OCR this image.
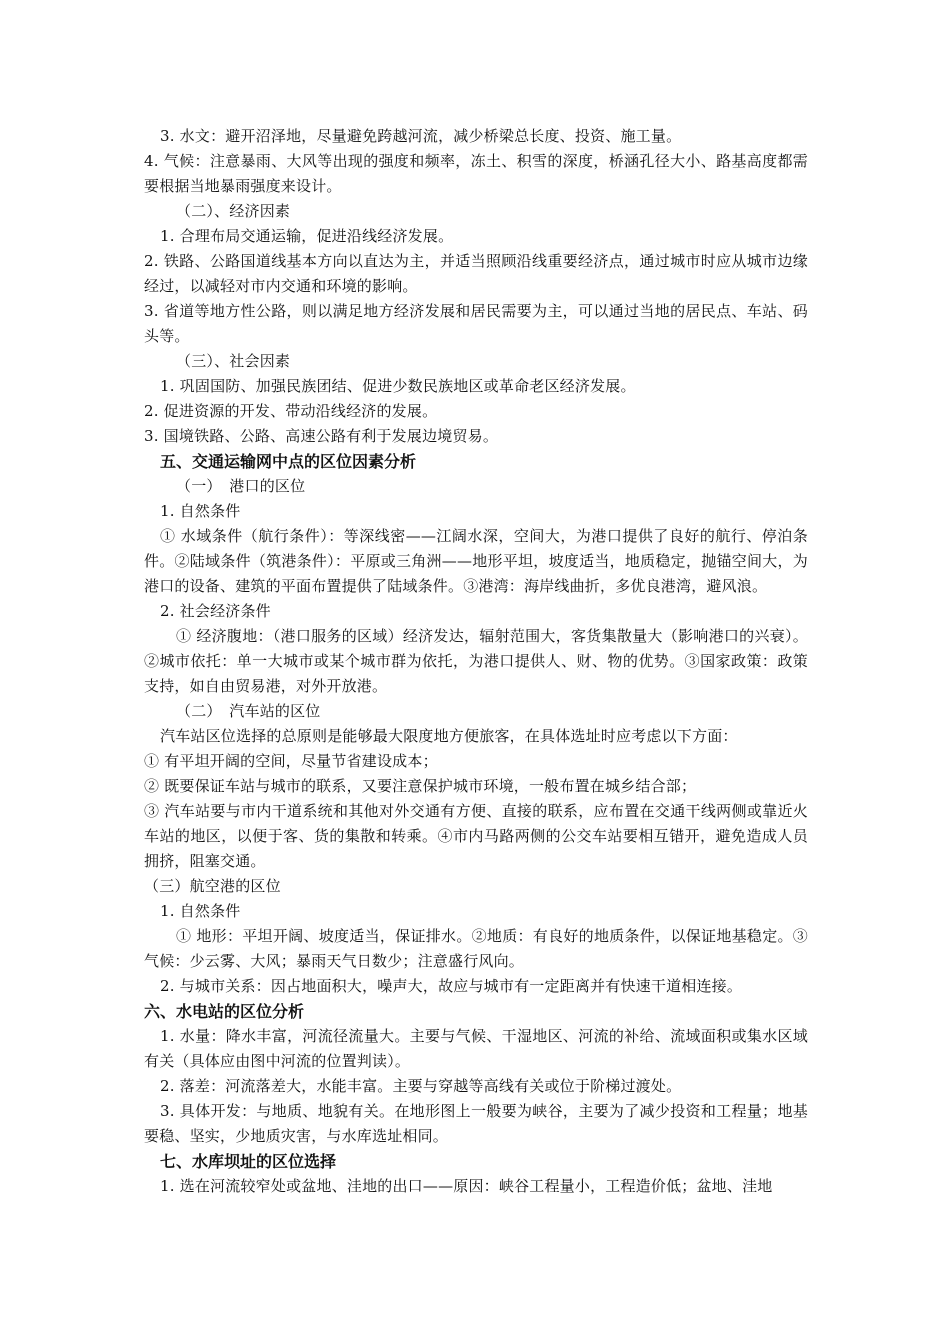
3. 水文：避开沼泽地，尽量避免跨越河流，减少桥梁总长度、投资、施工量。
4. 气候：注意暴雨、大风等出现的强度和频率，冻土、积雪的深度，桥涵孔径大小、路基高度都需要根据当地暴雨强度来设计。
（二）、经济因素
1. 合理布局交通运输，促进沿线经济发展。
2. 铁路、公路国道线基本方向以直达为主，并适当照顾沿线重要经济点，通过城市时应从城市边缘经过，以减轻对市内交通和环境的影响。
3. 省道等地方性公路，则以满足地方经济发展和居民需要为主，可以通过当地的居民点、车站、码头等。
（三）、社会因素
1. 巩固国防、加强民族团结、促进少数民族地区或革命老区经济发展。
2. 促进资源的开发、带动沿线经济的发展。
3. 国境铁路、公路、高速公路有利于发展边境贸易。
五、交通运输网中点的区位因素分析
（一）　港口的区位
1. 自然条件
① 水域条件（航行条件）：等深线密——江阔水深，空间大，为港口提供了良好的航行、停泊条件。②陆域条件（筑港条件）：平原或三角洲——地形平坦，坡度适当，地质稳定，抛锚空间大，为港口的设备、建筑的平面布置提供了陆域条件。③港湾：海岸线曲折，多优良港湾，避风浪。
2. 社会经济条件
① 经济腹地：（港口服务的区域）经济发达，辐射范围大，客货集散量大（影响港口的兴衰）。②城市依托：单一大城市或某个城市群为依托，为港口提供人、财、物的优势。③国家政策：政策支持，如自由贸易港，对外开放港。
（二）　汽车站的区位
汽车站区位选择的总原则是能够最大限度地方便旅客，在具体选址时应考虑以下方面：
① 有平坦开阔的空间，尽量节省建设成本；
② 既要保证车站与城市的联系，又要注意保护城市环境，一般布置在城乡结合部；
③ 汽车站要与市内干道系统和其他对外交通有方便、直接的联系，应布置在交通干线两侧或靠近火车站的地区，以便于客、货的集散和转乘。④市内马路两侧的公交车站要相互错开，避免造成人员拥挤，阻塞交通。
（三）航空港的区位
1. 自然条件
① 地形：平坦开阔、坡度适当，保证排水。②地质：有良好的地质条件，以保证地基稳定。③气候：少云雾、大风；暴雨天气日数少；注意盛行风向。
2. 与城市关系：因占地面积大，噪声大，故应与城市有一定距离并有快速干道相连接。
六、水电站的区位分析
1. 水量：降水丰富，河流径流量大。主要与气候、干湿地区、河流的补给、流域面积或集水区域有关（具体应由图中河流的位置判读）。
2. 落差：河流落差大，水能丰富。主要与穿越等高线有关或位于阶梯过渡处。
3. 具体开发：与地质、地貌有关。在地形图上一般要为峡谷，主要为了减少投资和工程量；地基要稳、坚实，少地质灾害，与水库选址相同。
七、水库坝址的区位选择
1. 选在河流较窄处或盆地、洼地的出口——原因：峡谷工程量小，工程造价低；盆地、洼地
